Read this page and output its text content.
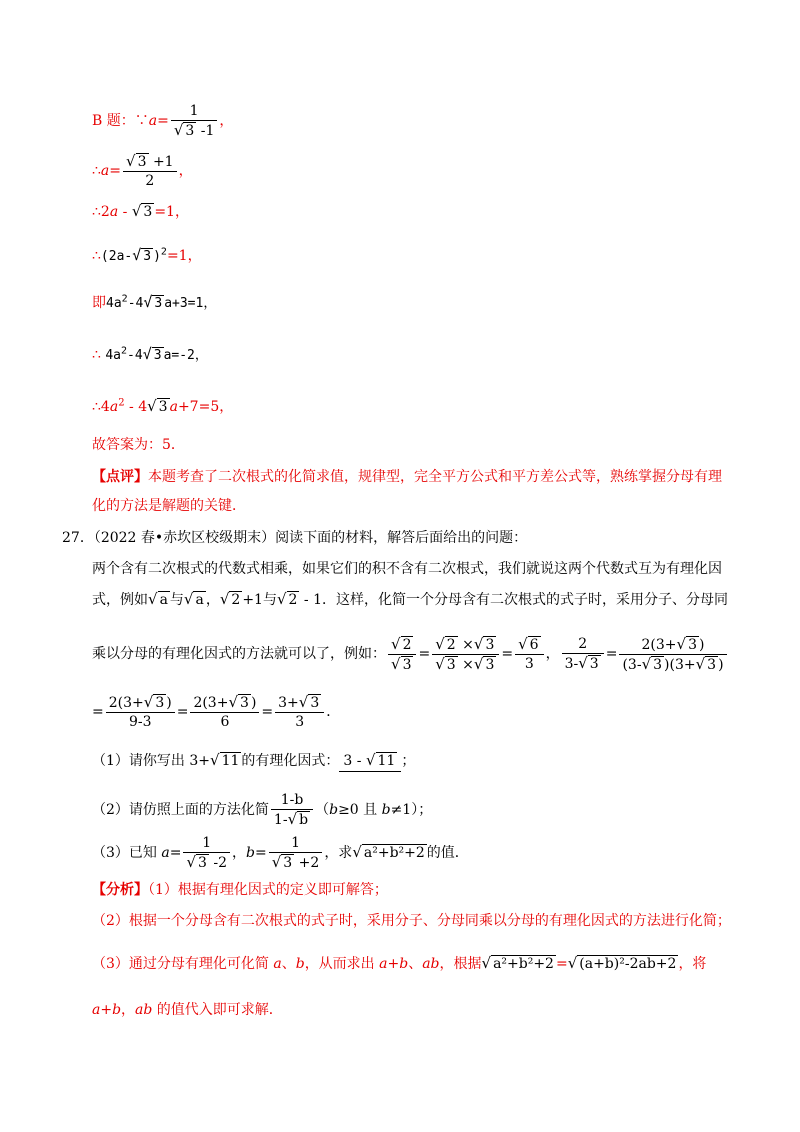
B 题：∵a= $\frac{1}{√ 3 -1}$ ，
∴a= $\frac{√ 3 +1}{2}$ ，
∴2a - √ 3 =1，
∴(2a-√ 3 )$^2$=1，
即$4a^2-4√$ 3 a+3=1，
∴ $4a^2-4√$ 3 a=-2，
$\therefore 4a^2 - 4√$ 3 a+7=5，
故答案为：5．
【点评】本题考查了二次根式的化简求值，规律型，完全平方公式和平方差公式等，熟练掌握分母有理
化的方法是解题的关键．
27．（2022 春•赤坎区校级期末）阅读下面的材料，解答后面给出的问题：
两个含有二次根式的代数式相乘，如果它们的积不含有二次根式，我们就说这两个代数式互为有理化因
式，例如√ a 与√ a ，√ 2 +1与√ 2 - 1．这样，化简一个分母含有二次根式的式子时，采用分子、分母同
乘以分母的有理化因式的方法就可以了，例如： $\frac{√ 2}{√ 3} = \frac{√ 2 \times√ 3}{√ 3 \times√ 3} = \frac{√ 6}{3}$ ， $\frac{2}{3-√ 3} = \frac{2(3+√ 3 )}{(3-√ 3 )(3+√ 3 )}$
= $\frac{2(3+√ 3 )}{9-3} = \frac{2(3+√ 3 )}{6} = \frac{3+√ 3}{3}$ ．
（1）请你写出 3+√ 11 的有理化因式： 3 - √ 11 ；
（2）请仿照上面的方法化简 $\frac{1-b}{1-√ b} (b\ge 0$ 且 b≠1）；
（3）已知 $a= \frac{1}{√ 3 -2}$ ，$b= \frac{1}{√ 3 +2}$ ，求√ a²+b²+2 的值．
【分析】（1）根据有理化因式的定义即可解答；
（2）根据一个分母含有二次根式的式子时，采用分子、分母同乘以分母的有理化因式的方法进行化简；
（3）通过分母有理化可化简 a、b，从而求出 a+b、ab，根据√ a²+b²+2 =√ (a+b)²-2ab+2 ，将
a+b，ab 的值代入即可求解．
